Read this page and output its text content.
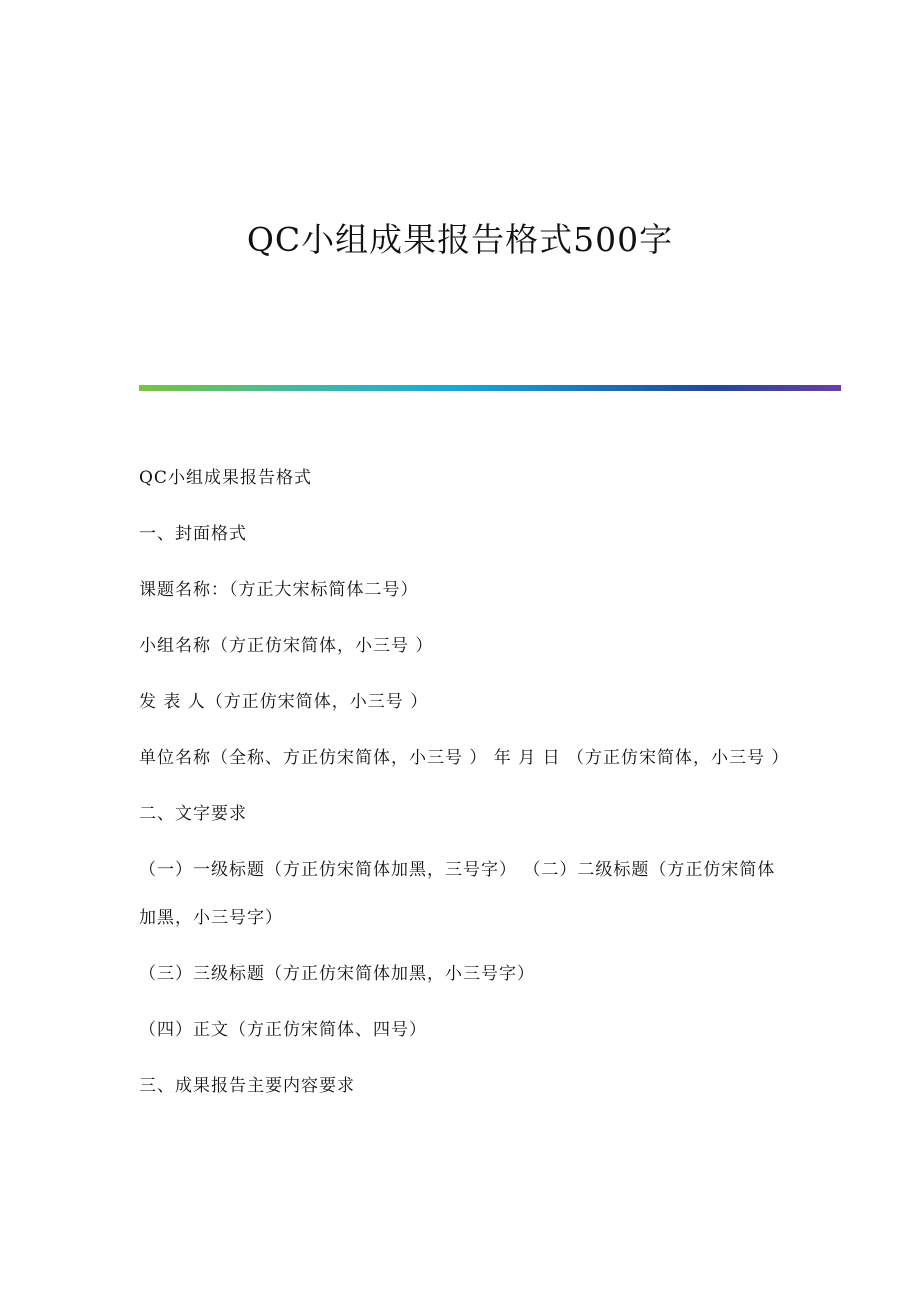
QC小组成果报告格式500字

QC小组成果报告格式

一、封面格式

课题名称：（方正大宋标简体二号）

小组名称（方正仿宋简体，小三号 ）

发 表 人（方正仿宋简体，小三号 ）

单位名称（全称、方正仿宋简体，小三号 ） 年 月 日 （方正仿宋简体，小三号 ）

二、文字要求

（一）一级标题（方正仿宋简体加黑，三号字） （二）二级标题（方正仿宋简体加黑，小三号字）

（三）三级标题（方正仿宋简体加黑，小三号字）

（四）正文（方正仿宋简体、四号）

三、成果报告主要内容要求
